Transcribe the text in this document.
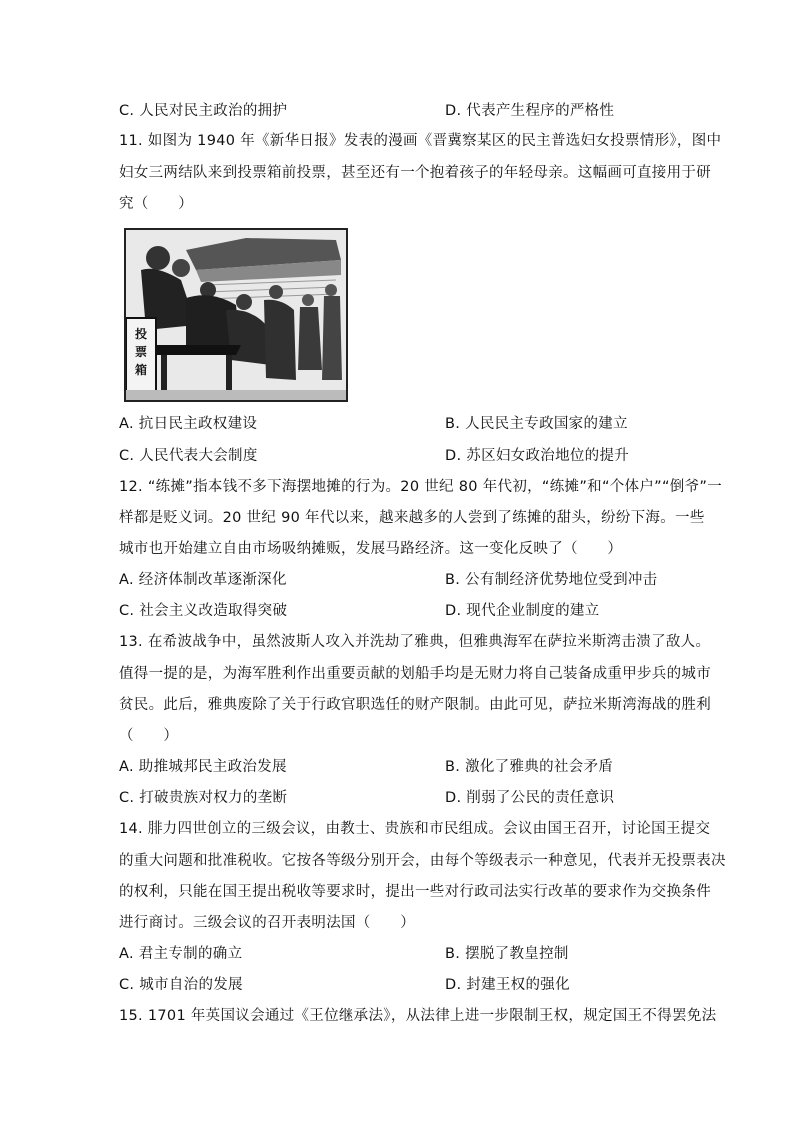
C. 人民对民主政治的拥护	D. 代表产生程序的严格性
11. 如图为 1940 年《新华日报》发表的漫画《晋冀察某区的民主普选妇女投票情形》，图中
妇女三两结队来到投票箱前投票，甚至还有一个抱着孩子的年轻母亲。这幅画可直接用于研
究（　　）
投
票
箱
A. 抗日民主政权建设	B. 人民民主专政国家的建立
C. 人民代表大会制度	D. 苏区妇女政治地位的提升
12. “练摊”指本钱不多下海摆地摊的行为。20 世纪 80 年代初，“练摊”和“个体户”“倒爷”一
样都是贬义词。20 世纪 90 年代以来，越来越多的人尝到了练摊的甜头，纷纷下海。一些
城市也开始建立自由市场吸纳摊贩，发展马路经济。这一变化反映了（　　）
A. 经济体制改革逐渐深化	B. 公有制经济优势地位受到冲击
C. 社会主义改造取得突破	D. 现代企业制度的建立
13. 在希波战争中，虽然波斯人攻入并洗劫了雅典，但雅典海军在萨拉米斯湾击溃了敌人。
值得一提的是，为海军胜利作出重要贡献的划船手均是无财力将自己装备成重甲步兵的城市
贫民。此后，雅典废除了关于行政官职选任的财产限制。由此可见，萨拉米斯湾海战的胜利
（　　）
A. 助推城邦民主政治发展	B. 激化了雅典的社会矛盾
C. 打破贵族对权力的垄断	D. 削弱了公民的责任意识
14. 腓力四世创立的三级会议，由教士、贵族和市民组成。会议由国王召开，讨论国王提交
的重大问题和批准税收。它按各等级分别开会，由每个等级表示一种意见，代表并无投票表决
的权利，只能在国王提出税收等要求时，提出一些对行政司法实行改革的要求作为交换条件
进行商讨。三级会议的召开表明法国（　　）
A. 君主专制的确立	B. 摆脱了教皇控制
C. 城市自治的发展	D. 封建王权的强化
15. 1701 年英国议会通过《王位继承法》，从法律上进一步限制王权，规定国王不得罢免法
